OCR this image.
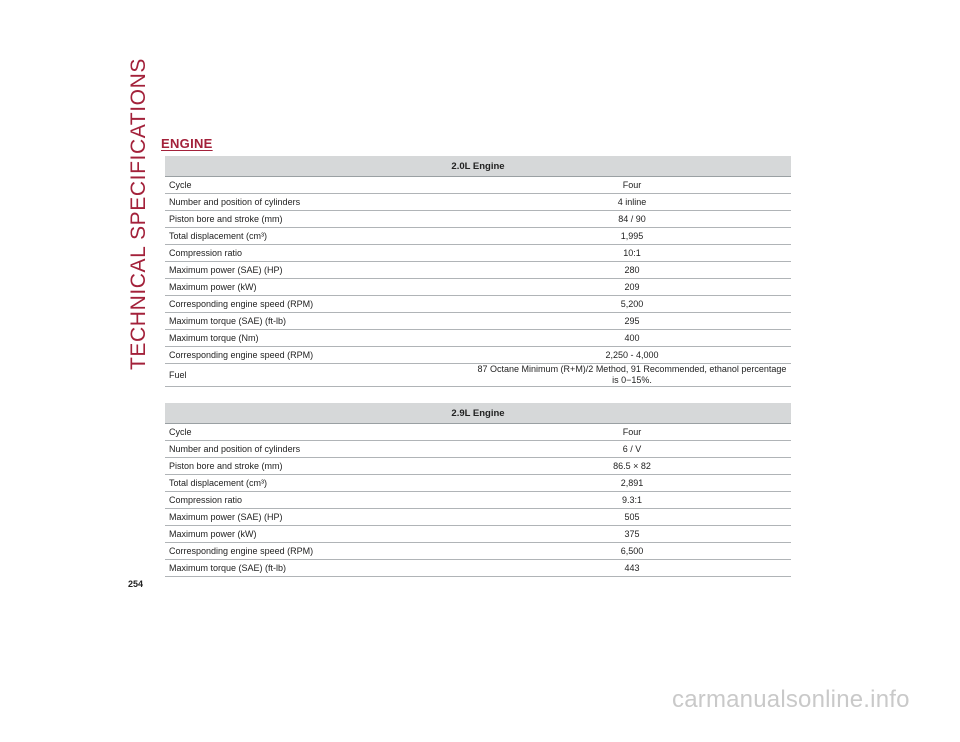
TECHNICAL SPECIFICATIONS ENGINE
2.0L Engine	
Cycle	Four
Number and position of cylinders	4 inline
Piston bore and stroke (mm)	84 / 90
Total displacement (cm³)	1,995
Compression ratio	10:1
Maximum power (SAE) (HP)	280
Maximum power (kW)	209
Corresponding engine speed (RPM)	5,200
Maximum torque (SAE) (ft-lb)	295
Maximum torque (Nm)	400
Corresponding engine speed (RPM)	2,250 - 4,000
Fuel	87 Octane Minimum (R+M)/2 Method, 91 Recommended, ethanol percentage is 0−15%.
2.9L Engine	
Cycle	Four
Number and position of cylinders	6 / V
Piston bore and stroke (mm)	86.5 × 82
Total displacement (cm³)	2,891
Compression ratio	9.3:1
Maximum power (SAE) (HP)	505
Maximum power (kW)	375
Corresponding engine speed (RPM)	6,500
Maximum torque (SAE) (ft-lb)	443
254
carmanualsonline.info
